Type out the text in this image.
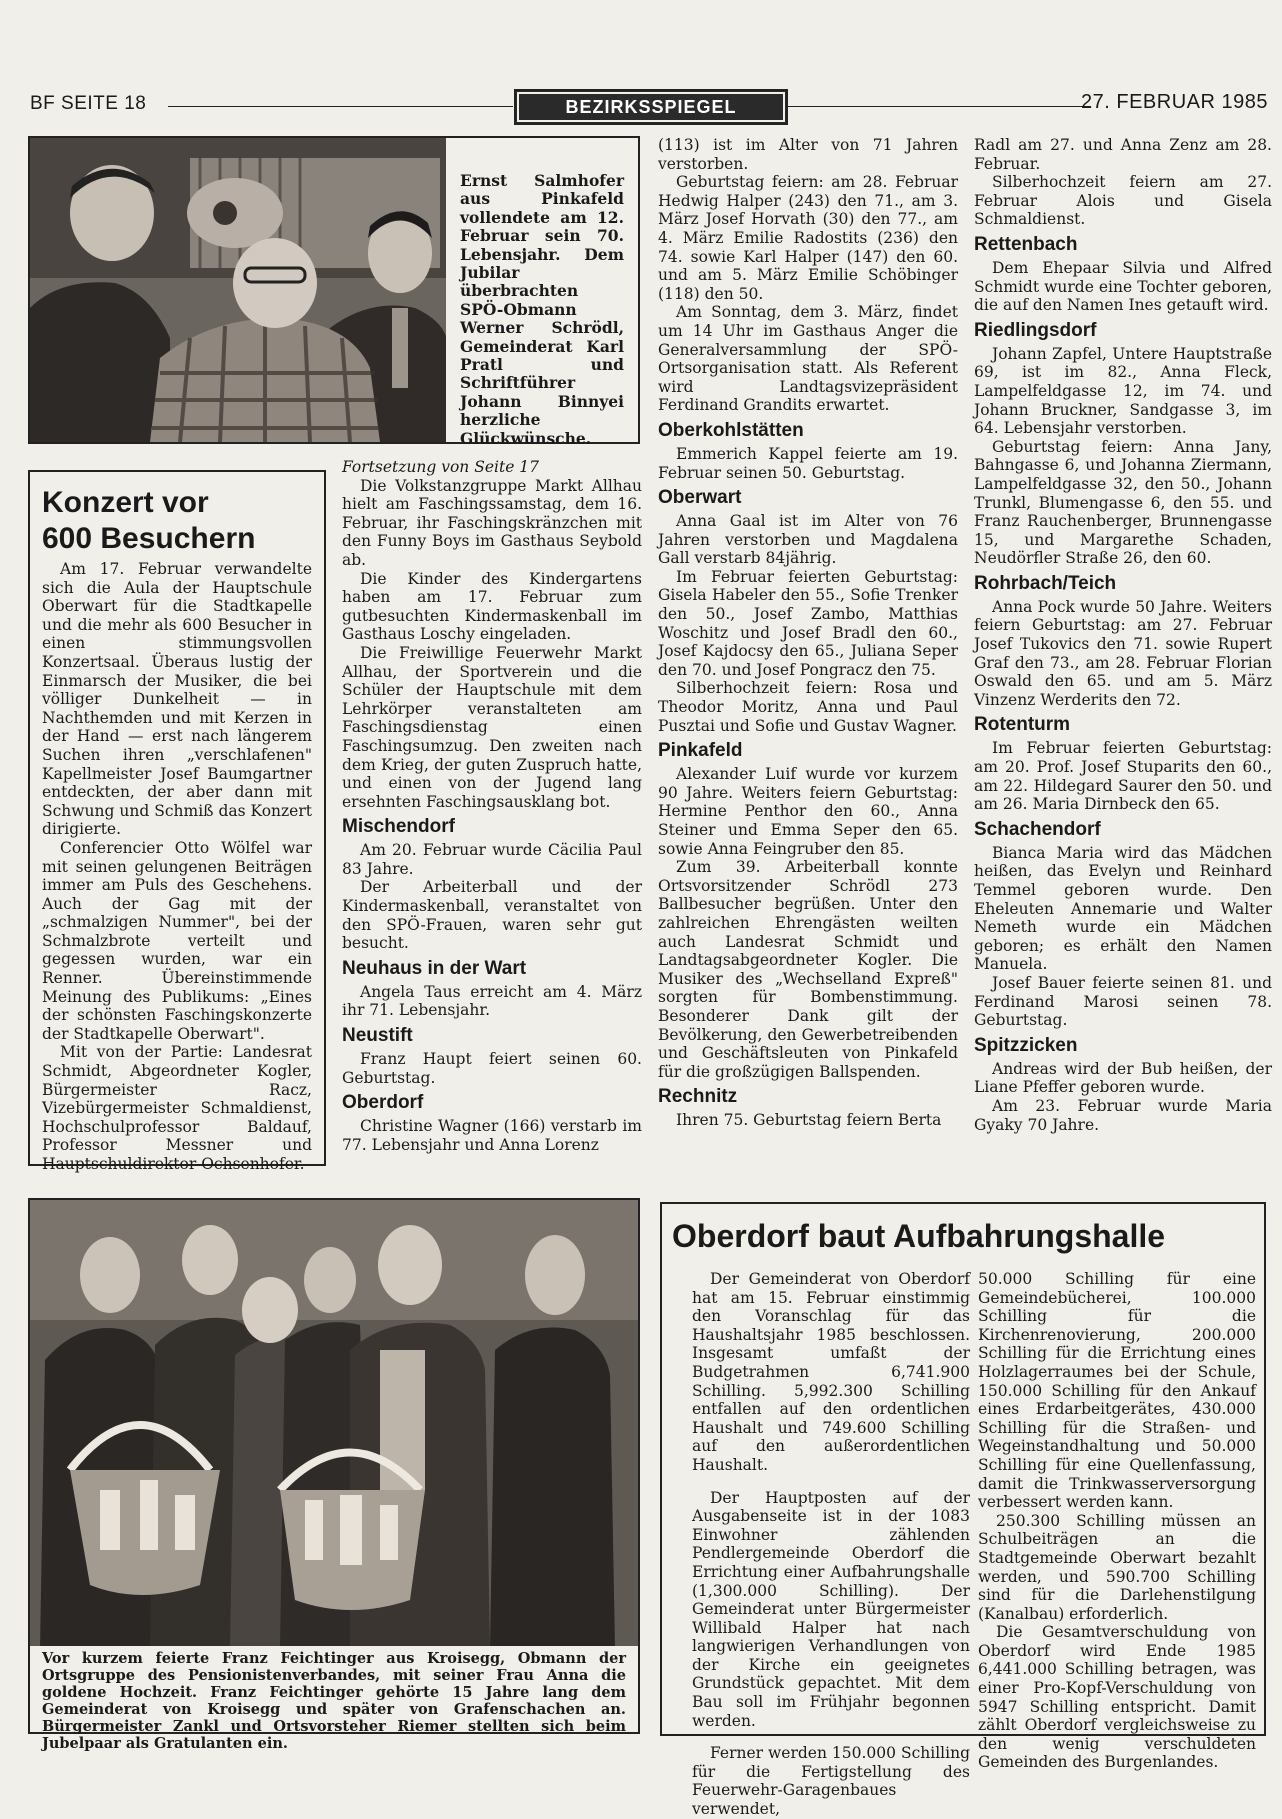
BF SEITE 18	BEZIRKSSPIEGEL	27. FEBRUAR 1985

Ernst Salmhofer aus Pinkafeld vollendete am 12. Februar sein 70. Lebensjahr. Dem Jubilar überbrachten SPÖ-Obmann Werner Schrödl, Gemeinderat Karl Pratl und Schriftführer Johann Binnyei herzliche Glückwünsche.

Konzert vor
600 Besuchern

Am 17. Februar verwandelte sich die Aula der Hauptschule Oberwart für die Stadtkapelle und die mehr als 600 Besucher in einen stimmungsvollen Konzertsaal. Überaus lustig der Einmarsch der Musiker, die bei völliger Dunkelheit — in Nachthemden und mit Kerzen in der Hand — erst nach längerem Suchen ihren „verschlafenen" Kapellmeister Josef Baumgartner entdeckten, der aber dann mit Schwung und Schmiß das Konzert dirigierte.

Conferencier Otto Wölfel war mit seinen gelungenen Beiträgen immer am Puls des Geschehens. Auch der Gag mit der „schmalzigen Nummer", bei der Schmalzbrote verteilt und gegessen wurden, war ein Renner. Übereinstimmende Meinung des Publikums: „Eines der schönsten Faschingskonzerte der Stadtkapelle Oberwart".

Mit von der Partie: Landesrat Schmidt, Abgeordneter Kogler, Bürgermeister Racz, Vizebürgermeister Schmaldienst, Hochschulprofessor Baldauf, Professor Messner und Hauptschuldirektor Ochsenhofer.

Fortsetzung von Seite 17

Die Volkstanzgruppe Markt Allhau hielt am Faschingssamstag, dem 16. Februar, ihr Faschingskränzchen mit den Funny Boys im Gasthaus Seybold ab.

Die Kinder des Kindergartens haben am 17. Februar zum gutbesuchten Kindermaskenball im Gasthaus Loschy eingeladen.

Die Freiwillige Feuerwehr Markt Allhau, der Sportverein und die Schüler der Hauptschule mit dem Lehrkörper veranstalteten am Faschingsdienstag einen Faschingsumzug. Den zweiten nach dem Krieg, der guten Zuspruch hatte, und einen von der Jugend lang ersehnten Faschingsausklang bot.

Mischendorf

Am 20. Februar wurde Cäcilia Paul 83 Jahre.

Der Arbeiterball und der Kindermaskenball, veranstaltet von den SPÖ-Frauen, waren sehr gut besucht.

Neuhaus in der Wart

Angela Taus erreicht am 4. März ihr 71. Lebensjahr.

Neustift

Franz Haupt feiert seinen 60. Geburtstag.

Oberdorf

Christine Wagner (166) verstarb im 77. Lebensjahr und Anna Lorenz

(113) ist im Alter von 71 Jahren verstorben.

Geburtstag feiern: am 28. Februar Hedwig Halper (243) den 71., am 3. März Josef Horvath (30) den 77., am 4. März Emilie Radostits (236) den 74. sowie Karl Halper (147) den 60. und am 5. März Emilie Schöbinger (118) den 50.

Am Sonntag, dem 3. März, findet um 14 Uhr im Gasthaus Anger die Generalversammlung der SPÖ-Ortsorganisation statt. Als Referent wird Landtagsvizepräsident Ferdinand Grandits erwartet.

Oberkohlstätten

Emmerich Kappel feierte am 19. Februar seinen 50. Geburtstag.

Oberwart

Anna Gaal ist im Alter von 76 Jahren verstorben und Magdalena Gall verstarb 84jährig.

Im Februar feierten Geburtstag: Gisela Habeler den 55., Sofie Trenker den 50., Josef Zambo, Matthias Woschitz und Josef Bradl den 60., Josef Kajdocsy den 65., Juliana Seper den 70. und Josef Pongracz den 75.

Silberhochzeit feiern: Rosa und Theodor Moritz, Anna und Paul Pusztai und Sofie und Gustav Wagner.

Pinkafeld

Alexander Luif wurde vor kurzem 90 Jahre. Weiters feiern Geburtstag: Hermine Penthor den 60., Anna Steiner und Emma Seper den 65. sowie Anna Feingruber den 85.

Zum 39. Arbeiterball konnte Ortsvorsitzender Schrödl 273 Ballbesucher begrüßen. Unter den zahlreichen Ehrengästen weilten auch Landesrat Schmidt und Landtagsabgeordneter Kogler. Die Musiker des „Wechselland Expreß" sorgten für Bombenstimmung. Besonderer Dank gilt der Bevölkerung, den Gewerbetreibenden und Geschäftsleuten von Pinkafeld für die großzügigen Ballspenden.

Rechnitz

Ihren 75. Geburtstag feiern Berta

Radl am 27. und Anna Zenz am 28. Februar.

Silberhochzeit feiern am 27. Februar Alois und Gisela Schmaldienst.

Rettenbach

Dem Ehepaar Silvia und Alfred Schmidt wurde eine Tochter geboren, die auf den Namen Ines getauft wird.

Riedlingsdorf

Johann Zapfel, Untere Hauptstraße 69, ist im 82., Anna Fleck, Lampelfeldgasse 12, im 74. und Johann Bruckner, Sandgasse 3, im 64. Lebensjahr verstorben.

Geburtstag feiern: Anna Jany, Bahngasse 6, und Johanna Ziermann, Lampelfeldgasse 32, den 50., Johann Trunkl, Blumengasse 6, den 55. und Franz Rauchenberger, Brunnengasse 15, und Margarethe Schaden, Neudörfler Straße 26, den 60.

Rohrbach/Teich

Anna Pock wurde 50 Jahre. Weiters feiern Geburtstag: am 27. Februar Josef Tukovics den 71. sowie Rupert Graf den 73., am 28. Februar Florian Oswald den 65. und am 5. März Vinzenz Werderits den 72.

Rotenturm

Im Februar feierten Geburtstag: am 20. Prof. Josef Stuparits den 60., am 22. Hildegard Saurer den 50. und am 26. Maria Dirnbeck den 65.

Schachendorf

Bianca Maria wird das Mädchen heißen, das Evelyn und Reinhard Temmel geboren wurde. Den Eheleuten Annemarie und Walter Nemeth wurde ein Mädchen geboren; es erhält den Namen Manuela.

Josef Bauer feierte seinen 81. und Ferdinand Marosi seinen 78. Geburtstag.

Spitzzicken

Andreas wird der Bub heißen, der Liane Pfeffer geboren wurde.

Am 23. Februar wurde Maria Gyaky 70 Jahre.

Vor kurzem feierte Franz Feichtinger aus Kroisegg, Obmann der Ortsgruppe des Pensionistenverbandes, mit seiner Frau Anna die goldene Hochzeit. Franz Feichtinger gehörte 15 Jahre lang dem Gemeinderat von Kroisegg und später von Grafenschachen an. Bürgermeister Zankl und Ortsvorsteher Riemer stellten sich beim Jubelpaar als Gratulanten ein.

Oberdorf baut Aufbahrungshalle

Der Gemeinderat von Oberdorf hat am 15. Februar einstimmig den Voranschlag für das Haushaltsjahr 1985 beschlossen. Insgesamt umfaßt der Budgetrahmen 6,741.900 Schilling. 5,992.300 Schilling entfallen auf den ordentlichen Haushalt und 749.600 Schilling auf den außerordentlichen Haushalt.

Der Hauptposten auf der Ausgabenseite ist in der 1083 Einwohner zählenden Pendlergemeinde Oberdorf die Errichtung einer Aufbahrungshalle (1,300.000 Schilling). Der Gemeinderat unter Bürgermeister Willibald Halper hat nach langwierigen Verhandlungen von der Kirche ein geeignetes Grundstück gepachtet. Mit dem Bau soll im Frühjahr begonnen werden.

Ferner werden 150.000 Schilling für die Fertigstellung des Feuerwehr-Garagenbaues verwendet,

50.000 Schilling für eine Gemeindebücherei, 100.000 Schilling für die Kirchenrenovierung, 200.000 Schilling für die Errichtung eines Holzlagerraumes bei der Schule, 150.000 Schilling für den Ankauf eines Erdarbeitgerätes, 430.000 Schilling für die Straßen- und Wegeinstandhaltung und 50.000 Schilling für eine Quellenfassung, damit die Trinkwasserversorgung verbessert werden kann.

250.300 Schilling müssen an Schulbeiträgen an die Stadtgemeinde Oberwart bezahlt werden, und 590.700 Schilling sind für die Darlehenstilgung (Kanalbau) erforderlich.

Die Gesamtverschuldung von Oberdorf wird Ende 1985 6,441.000 Schilling betragen, was einer Pro-Kopf-Verschuldung von 5947 Schilling entspricht. Damit zählt Oberdorf vergleichsweise zu den wenig verschuldeten Gemeinden des Burgenlandes.
